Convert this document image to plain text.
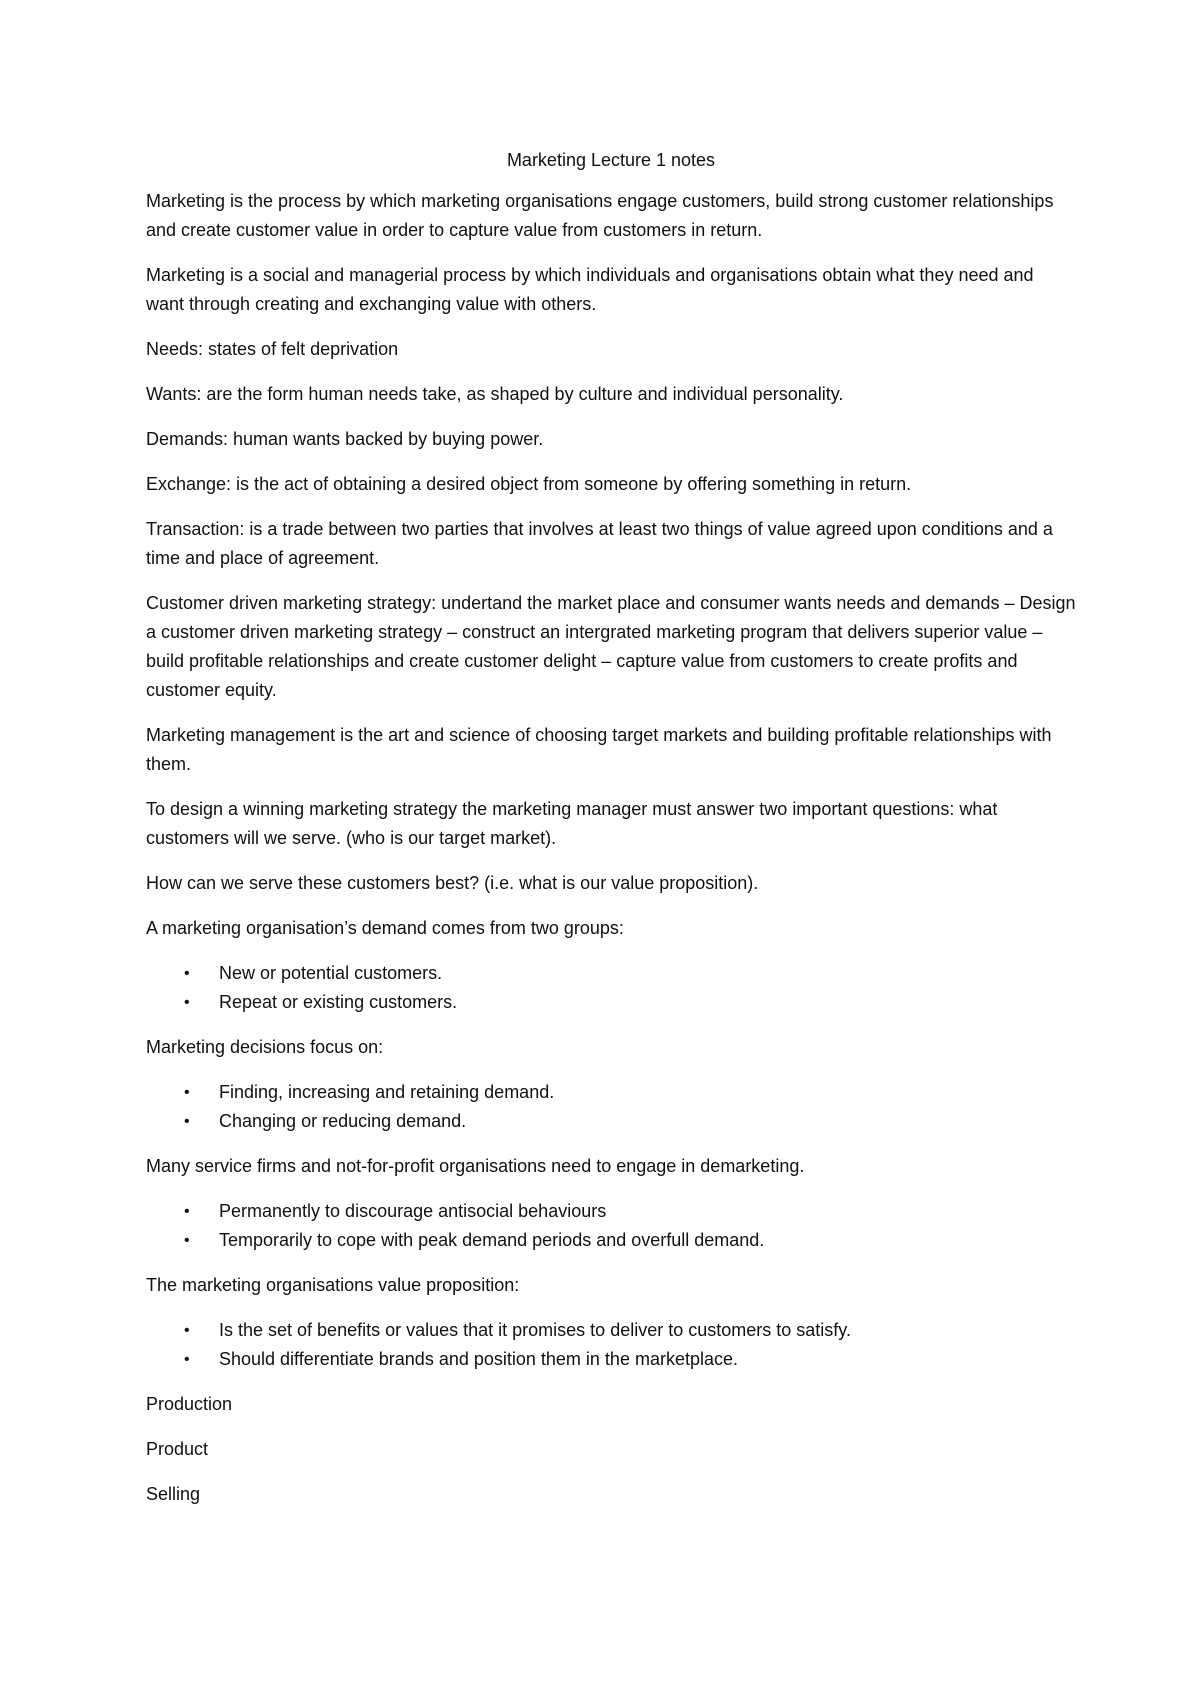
Marketing Lecture 1 notes

Marketing is the process by which marketing organisations engage customers, build strong customer relationships and create customer value in order to capture value from customers in return.

Marketing is a social and managerial process by which individuals and organisations obtain what they need and want through creating and exchanging value with others.

Needs: states of felt deprivation

Wants: are the form human needs take, as shaped by culture and individual personality.

Demands: human wants backed by buying power.

Exchange: is the act of obtaining a desired object from someone by offering something in return.

Transaction: is a trade between two parties that involves at least two things of value agreed upon conditions and a time and place of agreement.

Customer driven marketing strategy: undertand the market place and consumer wants needs and demands – Design a customer driven marketing strategy – construct an intergrated marketing program that delivers superior value – build profitable relationships and create customer delight – capture value from customers to create profits and customer equity.

Marketing management is the art and science of choosing target markets and building profitable relationships with them.

To design a winning marketing strategy the marketing manager must answer two important questions: what customers will we serve. (who is our target market).

How can we serve these customers best? (i.e. what is our value proposition).

A marketing organisation’s demand comes from two groups:

• New or potential customers.
• Repeat or existing customers.

Marketing decisions focus on:

• Finding, increasing and retaining demand.
• Changing or reducing demand.

Many service firms and not-for-profit organisations need to engage in demarketing.

• Permanently to discourage antisocial behaviours
• Temporarily to cope with peak demand periods and overfull demand.

The marketing organisations value proposition:

• Is the set of benefits or values that it promises to deliver to customers to satisfy.
• Should differentiate brands and position them in the marketplace.

Production

Product

Selling
